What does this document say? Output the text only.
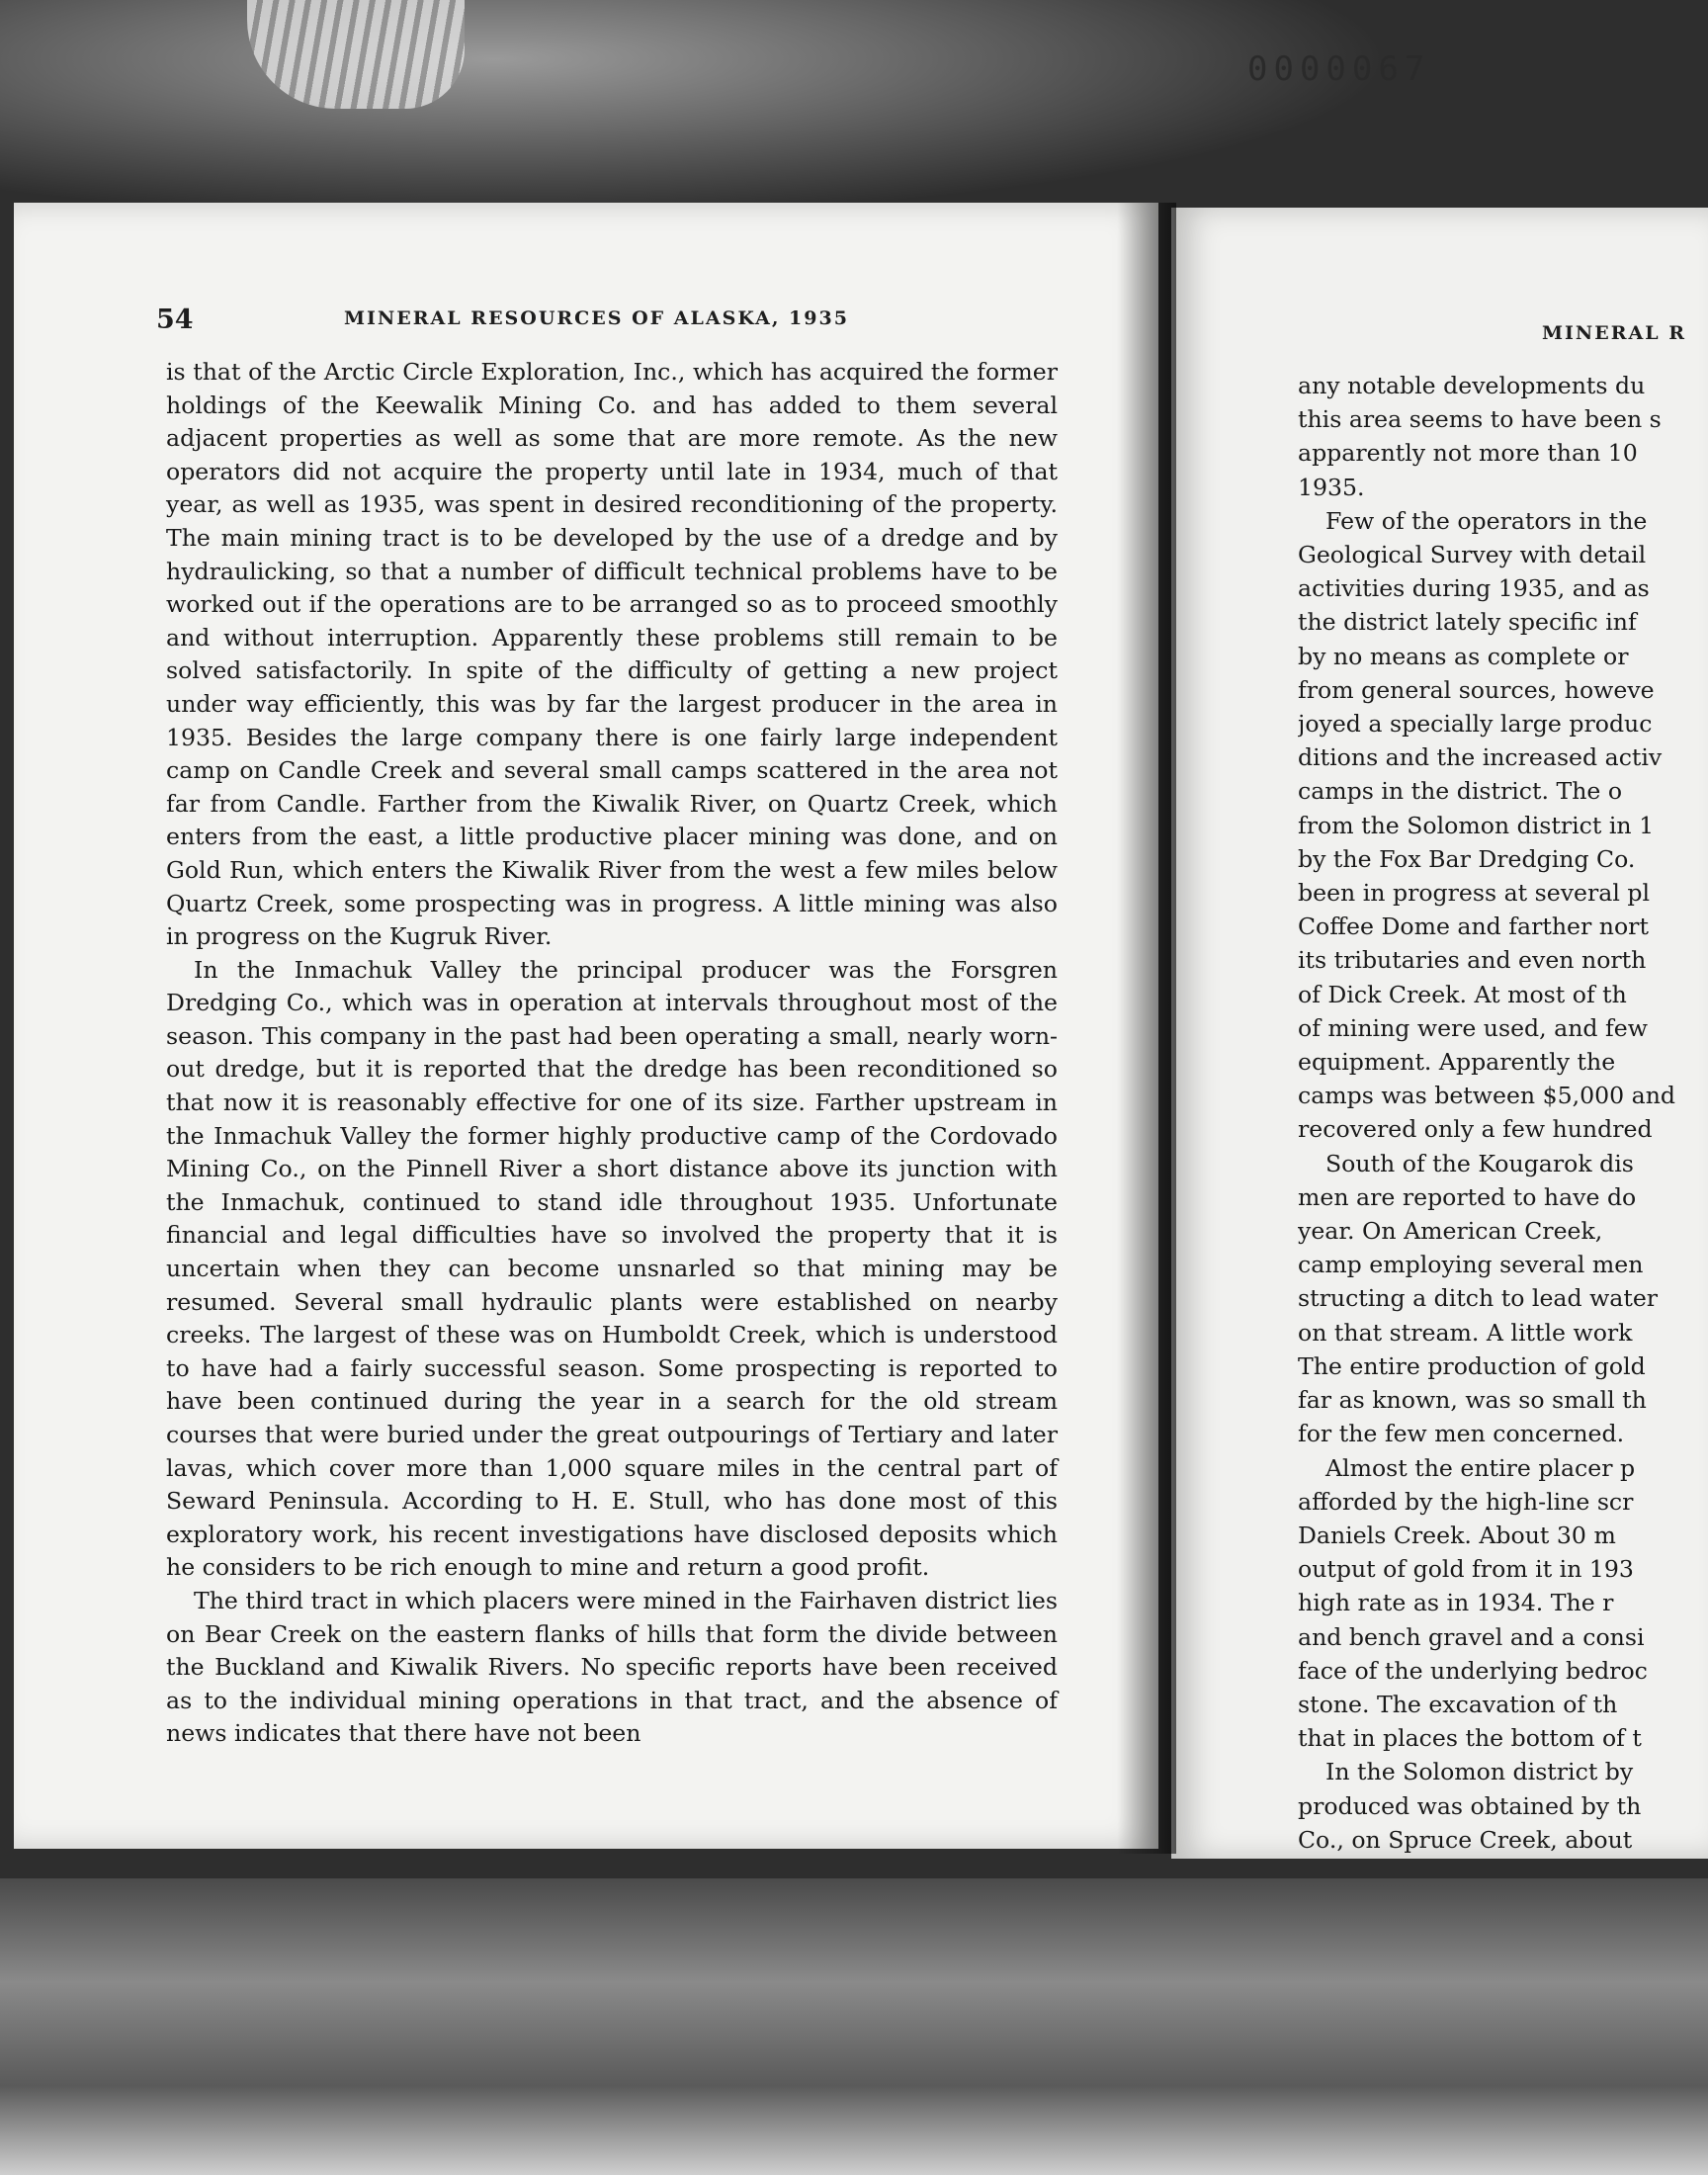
0000067
54	MINERAL RESOURCES OF ALASKA, 1935

is that of the Arctic Circle Exploration, Inc., which has acquired the former holdings of the Keewalik Mining Co. and has added to them several adjacent properties as well as some that are more remote. As the new operators did not acquire the property until late in 1934, much of that year, as well as 1935, was spent in desired reconditioning of the property. The main mining tract is to be developed by the use of a dredge and by hydraulicking, so that a number of difficult technical problems have to be worked out if the operations are to be arranged so as to proceed smoothly and without interruption. Apparently these problems still remain to be solved satisfactorily. In spite of the difficulty of getting a new project under way efficiently, this was by far the largest producer in the area in 1935. Besides the large company there is one fairly large independent camp on Candle Creek and several small camps scattered in the area not far from Candle. Farther from the Kiwalik River, on Quartz Creek, which enters from the east, a little productive placer mining was done, and on Gold Run, which enters the Kiwalik River from the west a few miles below Quartz Creek, some prospecting was in progress. A little mining was also in progress on the Kugruk River.

In the Inmachuk Valley the principal producer was the Forsgren Dredging Co., which was in operation at intervals throughout most of the season. This company in the past had been operating a small, nearly worn-out dredge, but it is reported that the dredge has been reconditioned so that now it is reasonably effective for one of its size. Farther upstream in the Inmachuk Valley the former highly productive camp of the Cordovado Mining Co., on the Pinnell River a short distance above its junction with the Inmachuk, continued to stand idle throughout 1935. Unfortunate financial and legal difficulties have so involved the property that it is uncertain when they can become unsnarled so that mining may be resumed. Several small hydraulic plants were established on nearby creeks. The largest of these was on Humboldt Creek, which is understood to have had a fairly successful season. Some prospecting is reported to have been continued during the year in a search for the old stream courses that were buried under the great outpourings of Tertiary and later lavas, which cover more than 1,000 square miles in the central part of Seward Peninsula. According to H. E. Stull, who has done most of this exploratory work, his recent investigations have disclosed deposits which he considers to be rich enough to mine and return a good profit.

The third tract in which placers were mined in the Fairhaven district lies on Bear Creek on the eastern flanks of hills that form the divide between the Buckland and Kiwalik Rivers. No specific reports have been received as to the individual mining operations in that tract, and the absence of news indicates that there have not been

MINERAL R
any notable developments du
this area seems to have been s
apparently not more than 10
1935.
Few of the operators in the
Geological Survey with detail
activities during 1935, and as
the district lately specific inf
by no means as complete or
from general sources, howeve
joyed a specially large produc
ditions and the increased activ
camps in the district. The o
from the Solomon district in 1
by the Fox Bar Dredging Co.
been in progress at several pl
Coffee Dome and farther nort
its tributaries and even north
of Dick Creek. At most of th
of mining were used, and few
equipment. Apparently the
camps was between $5,000 and
recovered only a few hundred
South of the Kougarok dis
men are reported to have do
year. On American Creek,
camp employing several men
structing a ditch to lead water
on that stream. A little work
The entire production of gold
far as known, was so small th
for the few men concerned.
Almost the entire placer p
afforded by the high-line scr
Daniels Creek. About 30 m
output of gold from it in 193
high rate as in 1934. The r
and bench gravel and a consi
face of the underlying bedroc
stone. The excavation of th
that in places the bottom of t
In the Solomon district by
produced was obtained by th
Co., on Spruce Creek, about
